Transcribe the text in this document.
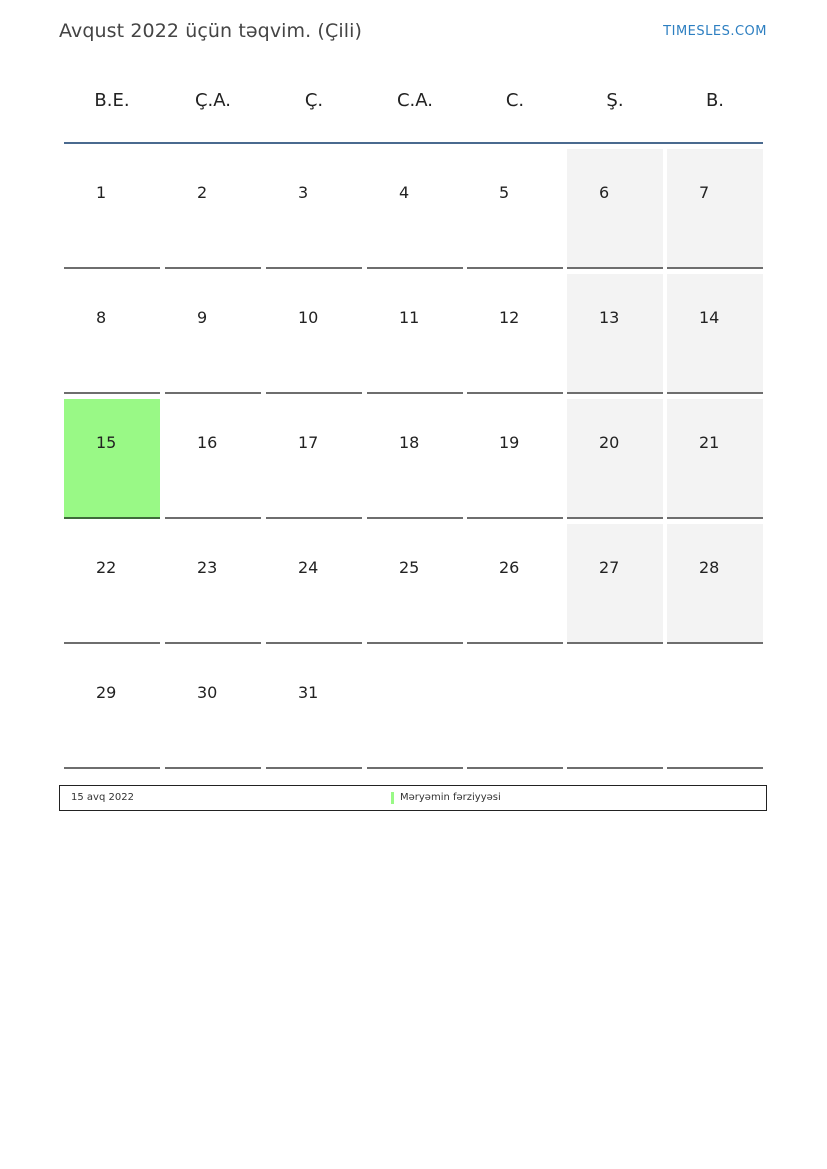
Avqust 2022 üçün təqvim. (Çili)	TIMESLES.COM
B.E.	Ç.A.	Ç.	C.A.	C.	Ş.	B.
1	2	3	4	5	6	7
8	9	10	11	12	13	14
15	16	17	18	19	20	21
22	23	24	25	26	27	28
29	30	31
15 avq 2022	Məryəmin fərziyyəsi
